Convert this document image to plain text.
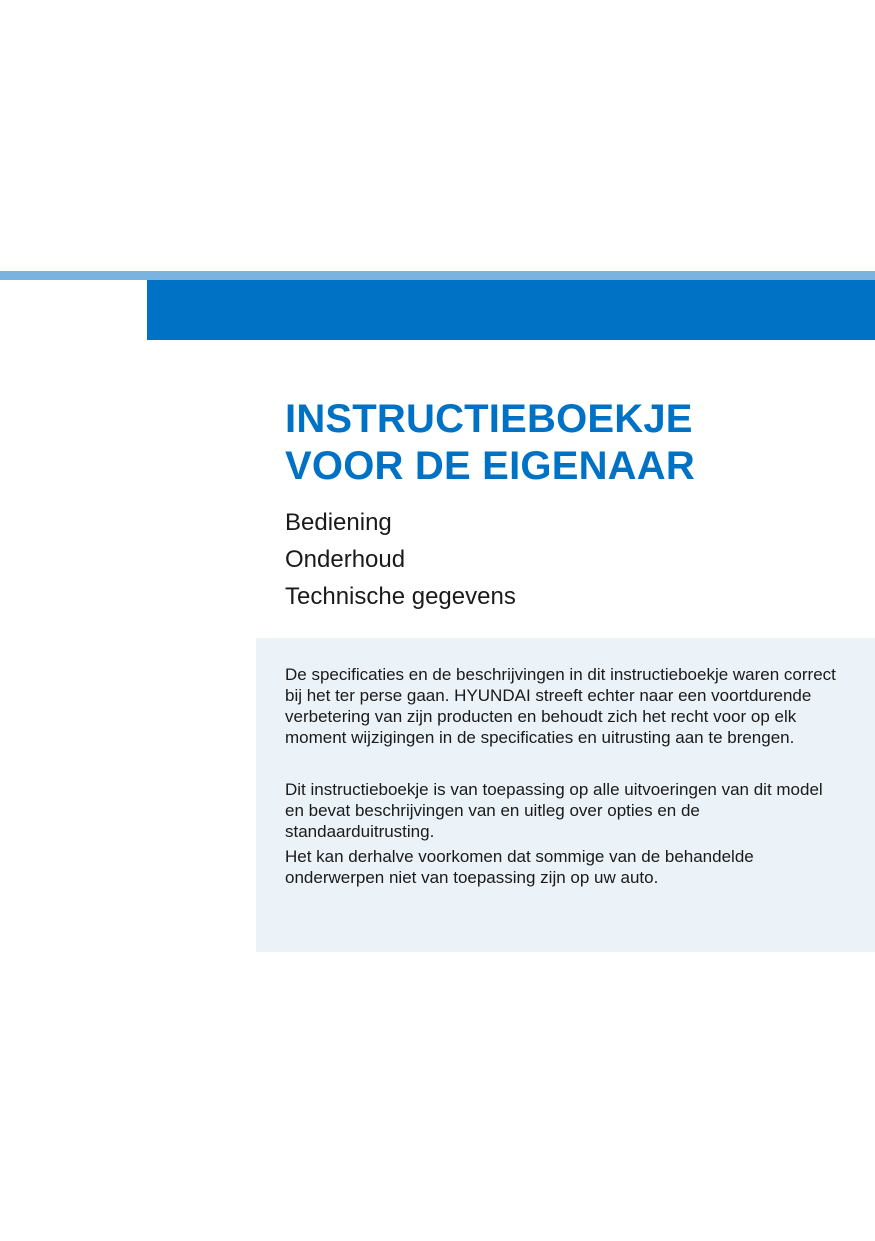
INSTRUCTIEBOEKJE
VOOR DE EIGENAAR
Bediening
Onderhoud
Technische gegevens

De specificaties en de beschrijvingen in dit instructieboekje waren correct bij het ter perse gaan. HYUNDAI streeft echter naar een voortdurende verbetering van zijn producten en behoudt zich het recht voor op elk moment wijzigingen in de specificaties en uitrusting aan te brengen.

Dit instructieboekje is van toepassing op alle uitvoeringen van dit model en bevat beschrijvingen van en uitleg over opties en de standaarduitrusting.

Het kan derhalve voorkomen dat sommige van de behandelde onderwerpen niet van toepassing zijn op uw auto.
